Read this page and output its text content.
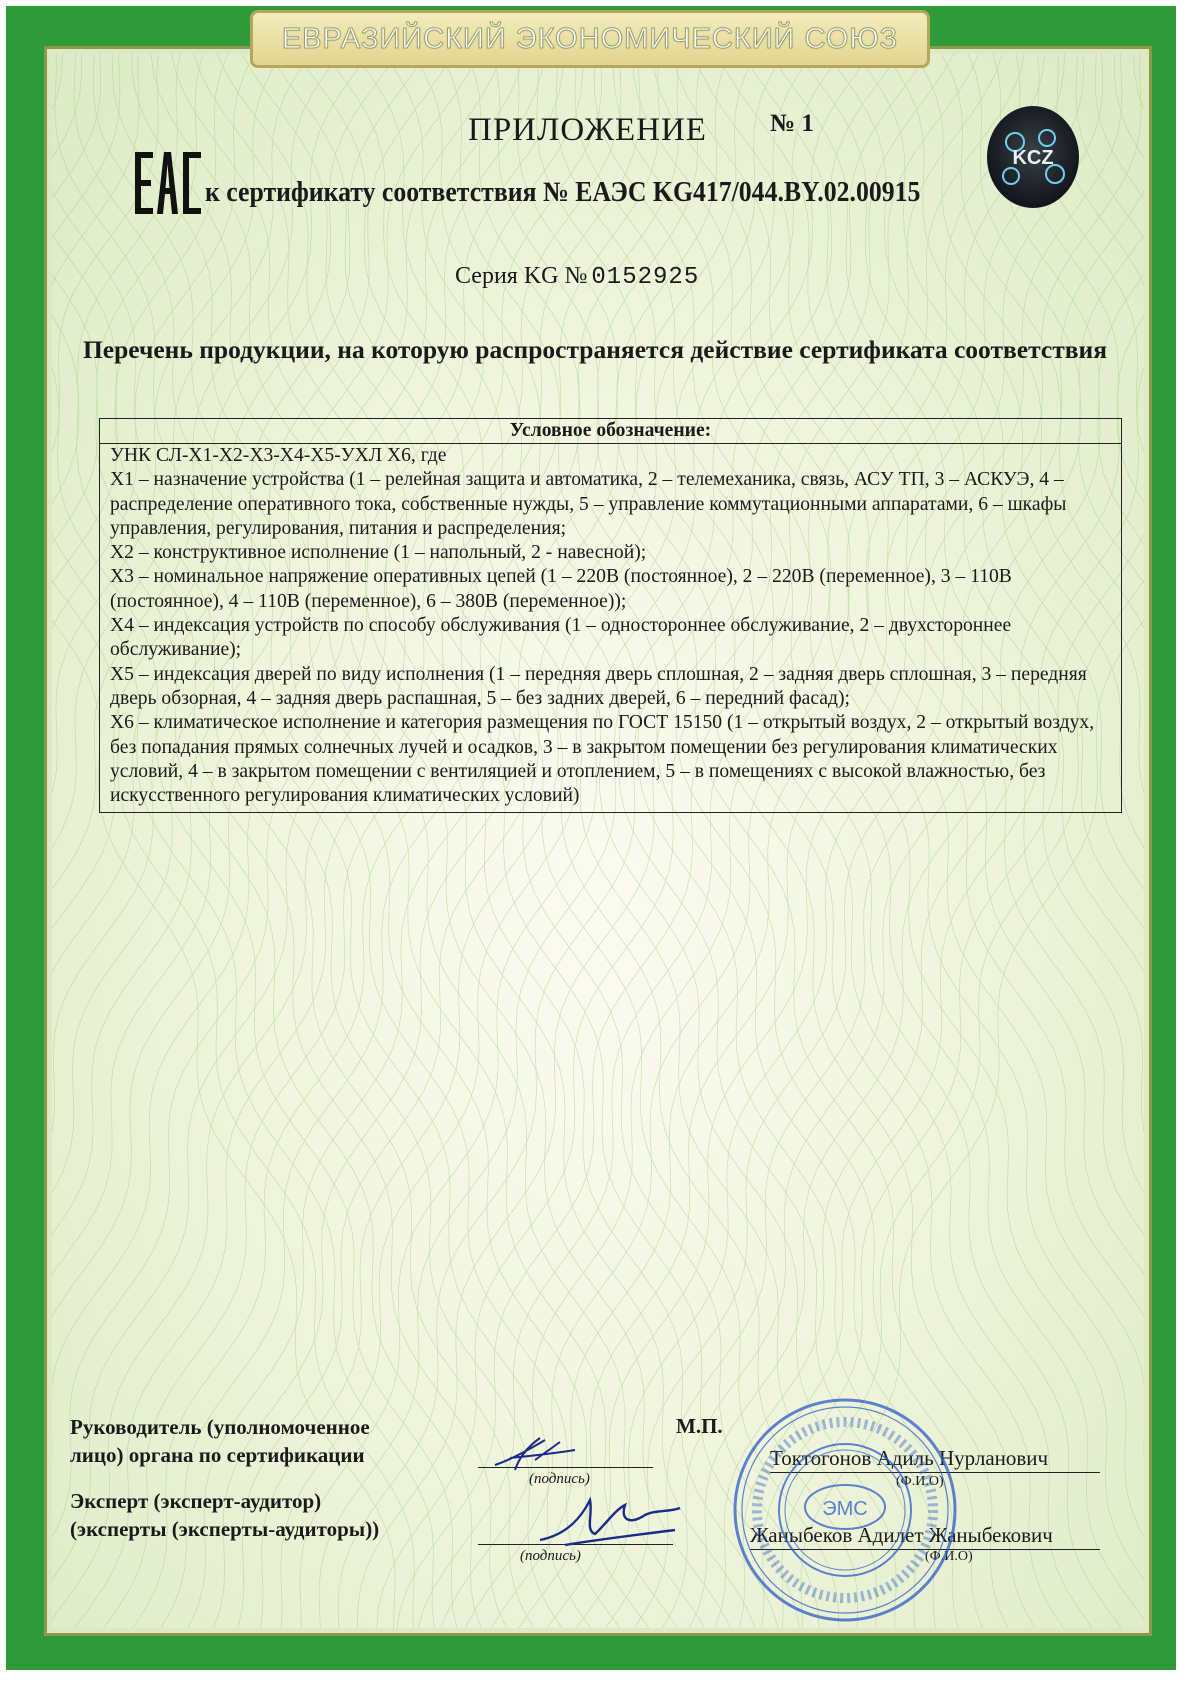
ЕВРАЗИЙСКИЙ ЭКОНОМИЧЕСКИЙ СОЮЗ
ПРИЛОЖЕНИЕ	№ 1
к сертификату соответствия № ЕАЭС KG417/044.BY.02.00915
KCZ
Серия KG № 0152925
Перечень продукции, на которую распространяется действие сертификата соответствия
Условное обозначение:
УНК СЛ-Х1-Х2-Х3-Х4-Х5-УХЛ Х6, где
Х1 – назначение устройства (1 – релейная защита и автоматика, 2 – телемеханика, связь, АСУ ТП, 3 – АСКУЭ, 4 – распределение оперативного тока, собственные нужды, 5 – управление коммутационными аппаратами, 6 – шкафы управления, регулирования, питания и распределения;
Х2 – конструктивное исполнение (1 – напольный, 2 - навесной);
Х3 – номинальное напряжение оперативных цепей (1 – 220В (постоянное), 2 – 220В (переменное), 3 – 110В (постоянное), 4 – 110В (переменное), 6 – 380В (переменное));
Х4 – индексация устройств по способу обслуживания (1 – одностороннее обслуживание, 2 – двухстороннее обслуживание);
Х5 – индексация дверей по виду исполнения (1 – передняя дверь сплошная, 2 – задняя дверь сплошная, 3 – передняя дверь обзорная, 4 – задняя дверь распашная, 5 – без задних дверей, 6 – передний фасад);
Х6 – климатическое исполнение и категория размещения по ГОСТ 15150 (1 – открытый воздух, 2 – открытый воздух, без попадания прямых солнечных лучей и осадков, 3 – в закрытом помещении без регулирования климатических условий, 4 – в закрытом помещении с вентиляцией и отоплением, 5 – в помещениях с высокой влажностью, без искусственного регулирования климатических условий)
Руководитель (уполномоченное
лицо) органа по сертификации
Эксперт (эксперт-аудитор)
(эксперты (эксперты-аудиторы))
М.П.
(подпись)
(подпись)
Токтогонов Адиль Нурланович
(Ф.И.О)
Жаныбеков Адилет Жаныбекович
(Ф.И.О)
ЭМС
